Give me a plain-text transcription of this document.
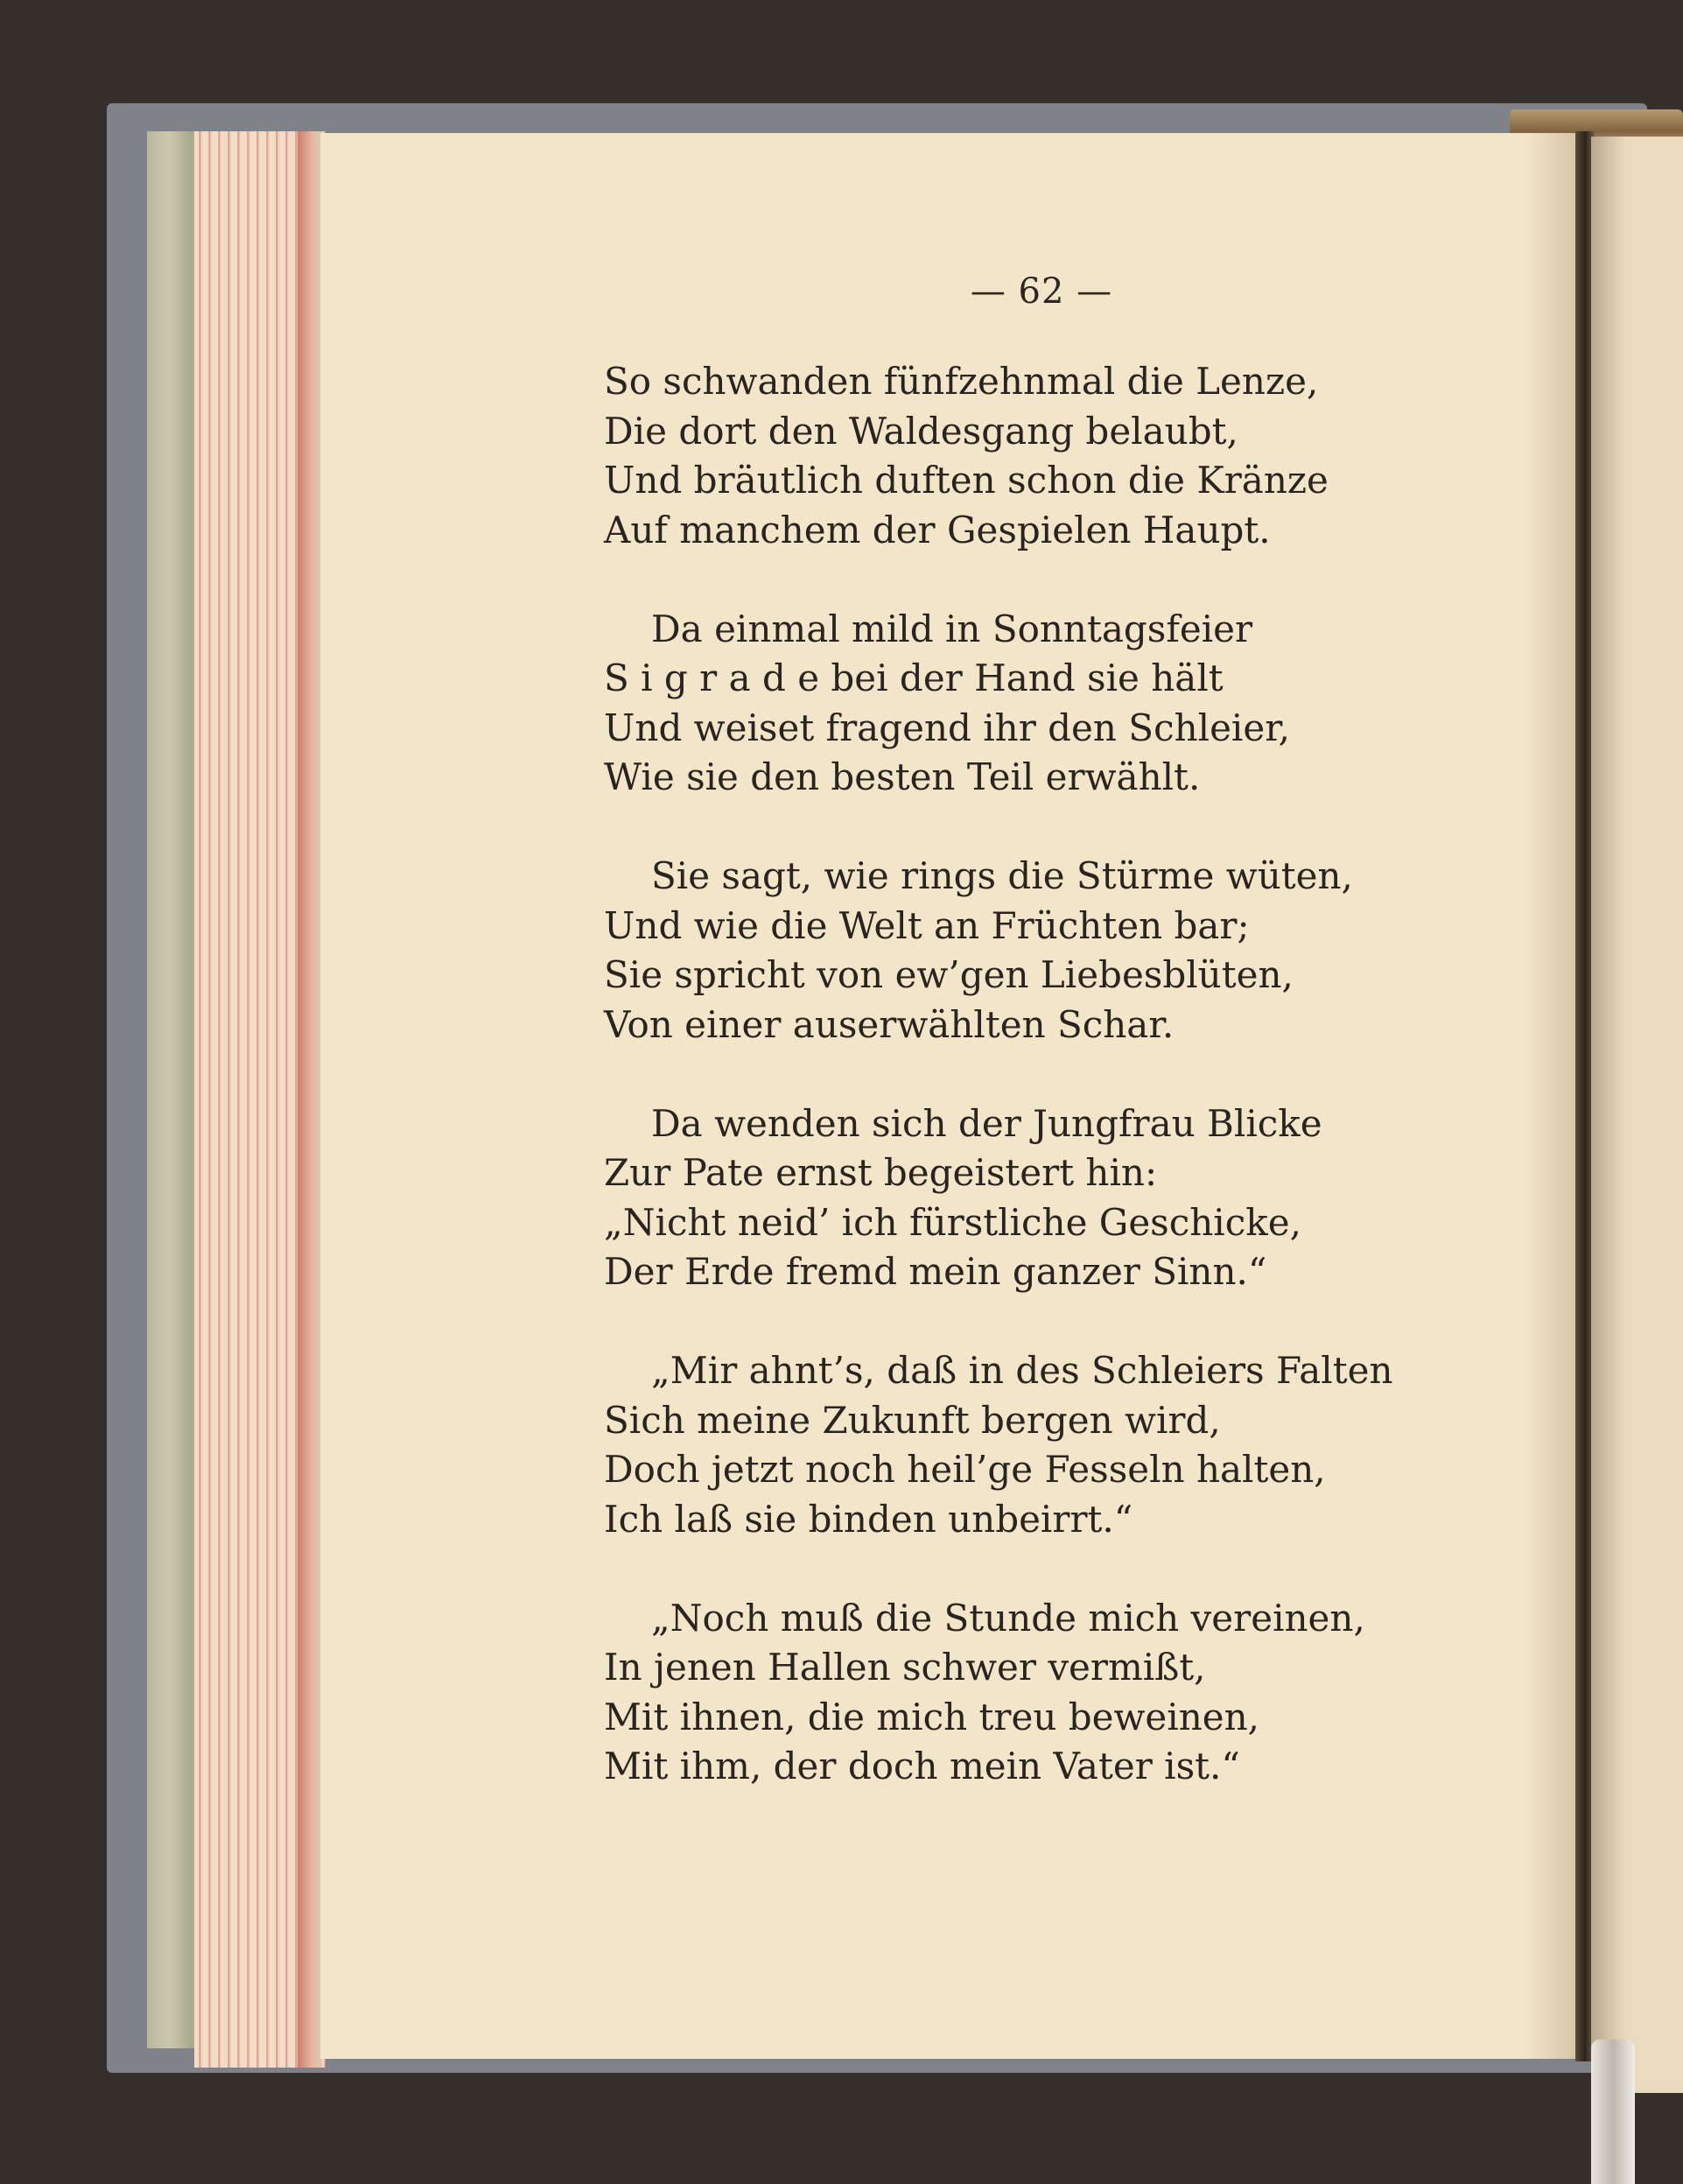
— 62 —
So schwanden fünfzehnmal die Lenze,
Die dort den Waldesgang belaubt,
Und bräutlich duften schon die Kränze
Auf manchem der Gespielen Haupt.
Da einmal mild in Sonntagsfeier
S i g r a d e bei der Hand sie hält
Und weiset fragend ihr den Schleier,
Wie sie den besten Teil erwählt.
Sie sagt, wie rings die Stürme wüten,
Und wie die Welt an Früchten bar;
Sie spricht von ew’gen Liebesblüten,
Von einer auserwählten Schar.
Da wenden sich der Jungfrau Blicke
Zur Pate ernst begeistert hin:
„Nicht neid’ ich fürstliche Geschicke,
Der Erde fremd mein ganzer Sinn.“
„Mir ahnt’s, daß in des Schleiers Falten
Sich meine Zukunft bergen wird,
Doch jetzt noch heil’ge Fesseln halten,
Ich laß sie binden unbeirrt.“
„Noch muß die Stunde mich vereinen,
In jenen Hallen schwer vermißt,
Mit ihnen, die mich treu beweinen,
Mit ihm, der doch mein Vater ist.“
